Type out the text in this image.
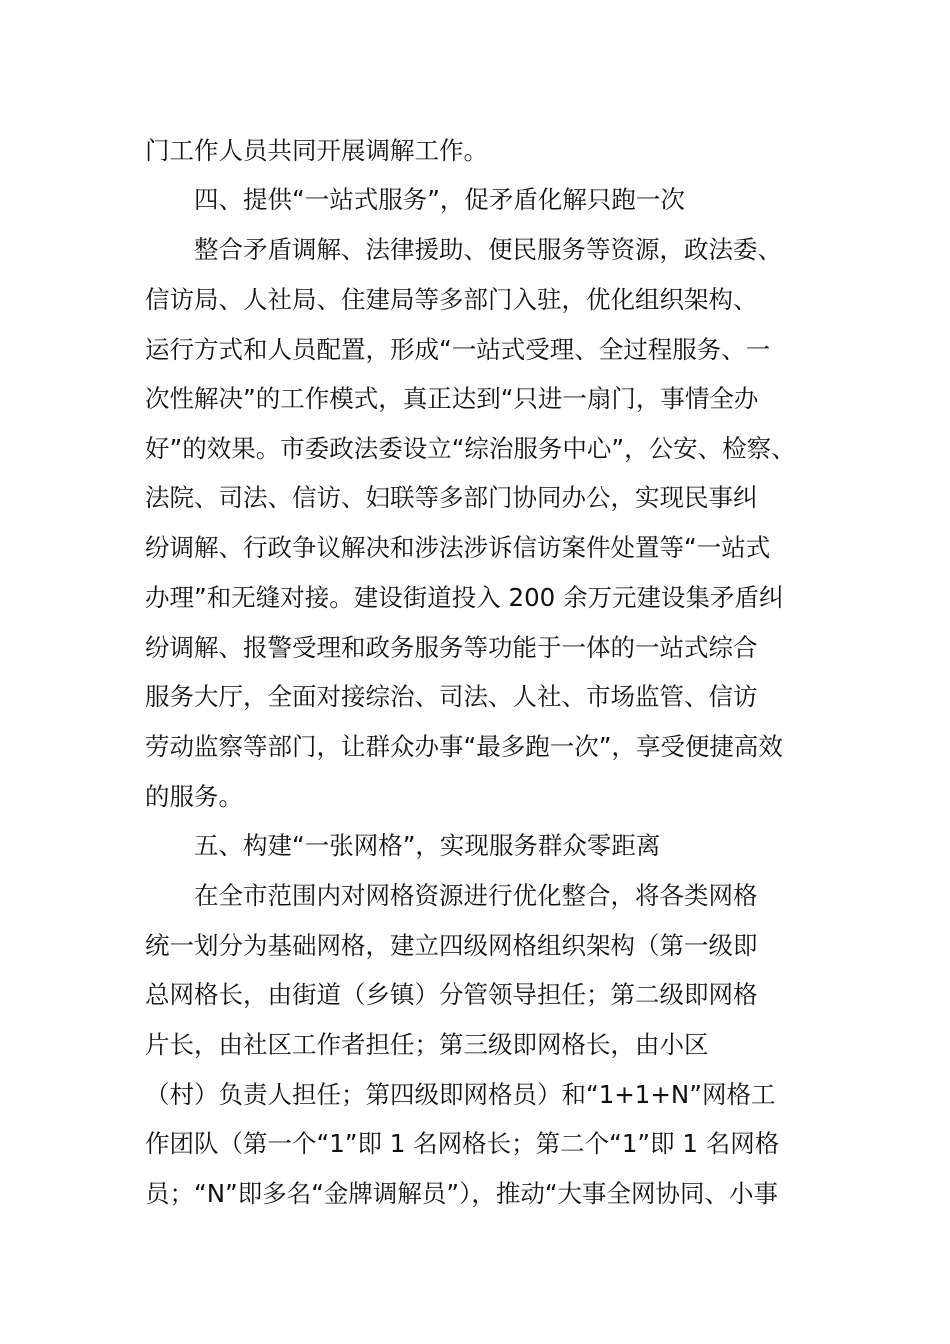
门工作人员共同开展调解工作。
四、提供“一站式服务”，促矛盾化解只跑一次
整合矛盾调解、法律援助、便民服务等资源，政法委、
信访局、人社局、住建局等多部门入驻，优化组织架构、
运行方式和人员配置，形成“一站式受理、全过程服务、一
次性解决”的工作模式，真正达到“只进一扇门，事情全办
好”的效果。市委政法委设立“综治服务中心”，公安、检察、
法院、司法、信访、妇联等多部门协同办公，实现民事纠
纷调解、行政争议解决和涉法涉诉信访案件处置等“一站式
办理”和无缝对接。建设街道投入 200 余万元建设集矛盾纠
纷调解、报警受理和政务服务等功能于一体的一站式综合
服务大厅，全面对接综治、司法、人社、市场监管、信访
劳动监察等部门，让群众办事“最多跑一次”，享受便捷高效
的服务。
五、构建“一张网格”，实现服务群众零距离
在全市范围内对网格资源进行优化整合，将各类网格
统一划分为基础网格，建立四级网格组织架构（第一级即
总网格长，由街道（乡镇）分管领导担任；第二级即网格
片长，由社区工作者担任；第三级即网格长，由小区
（村）负责人担任；第四级即网格员）和“1+1+N”网格工
作团队（第一个“1”即 1 名网格长；第二个“1”即 1 名网格
员；“N”即多名“金牌调解员”），推动“大事全网协同、小事
